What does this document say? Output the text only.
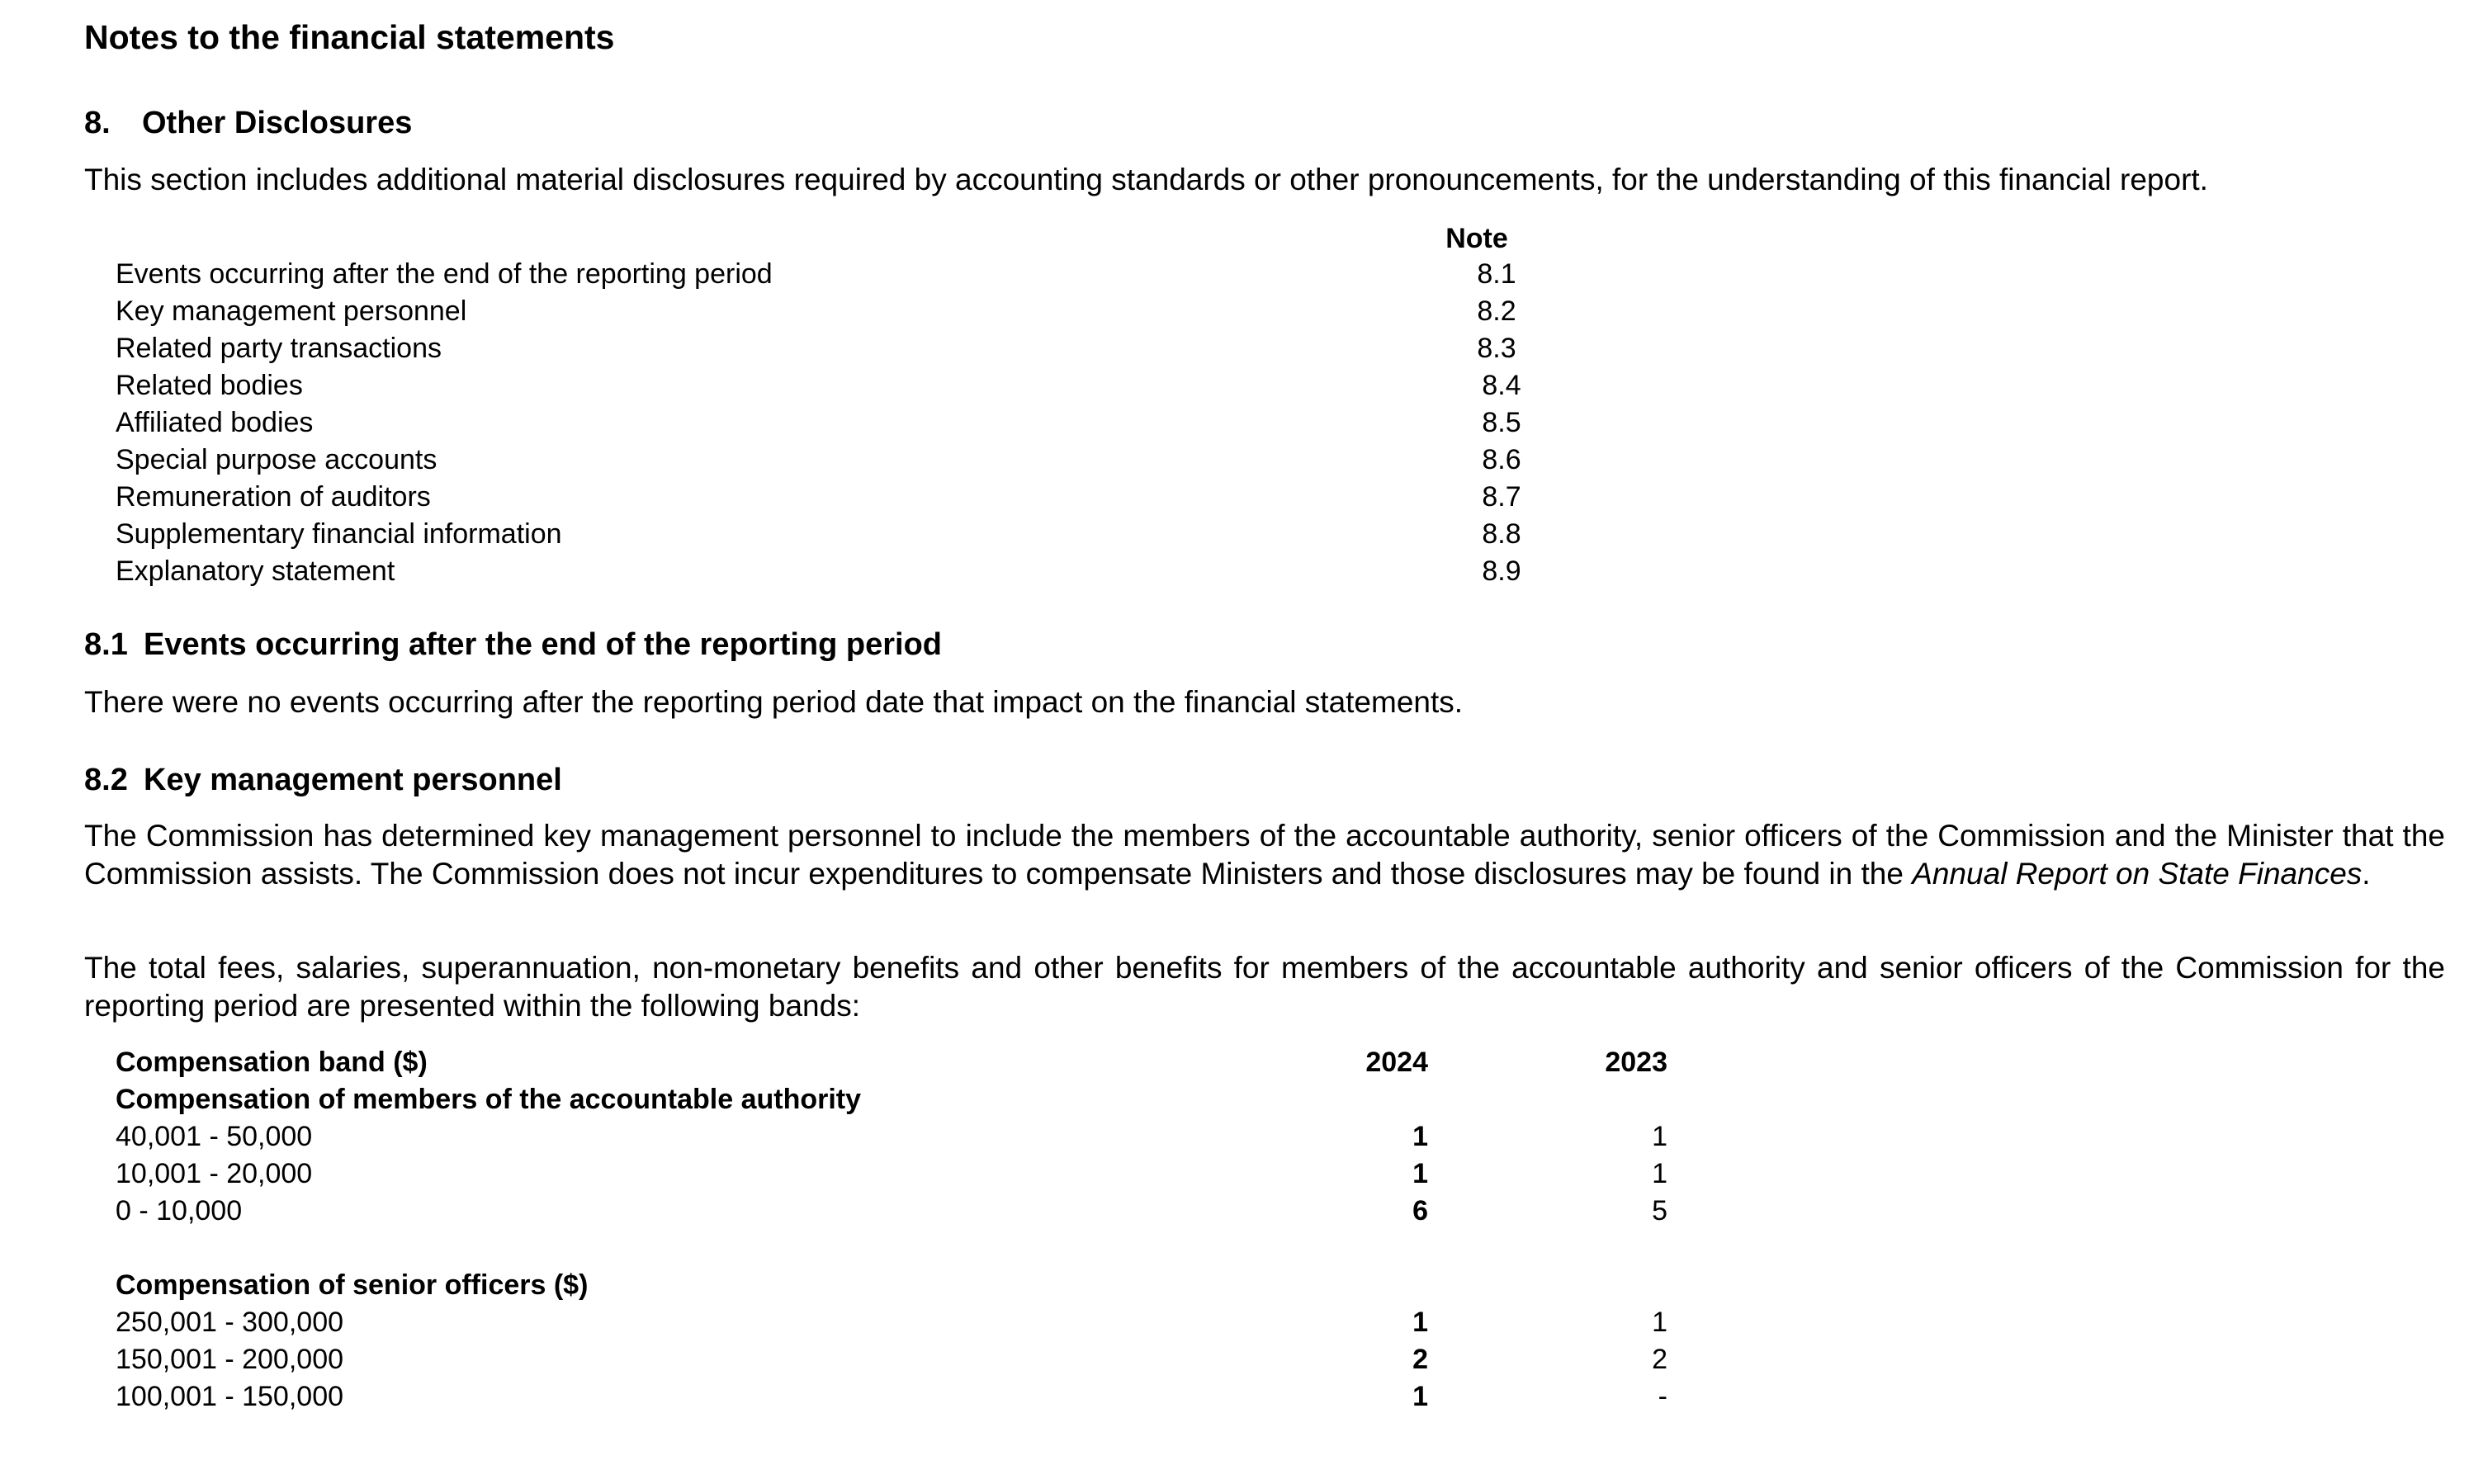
Notes to the financial statements
8. Other Disclosures
This section includes additional material disclosures required by accounting standards or other pronouncements, for the understanding of this financial report.
Note
Events occurring after the end of the reporting period	8.1
Key management personnel	8.2
Related party transactions	8.3
Related bodies	8.4
Affiliated bodies	8.5
Special purpose accounts	8.6
Remuneration of auditors	8.7
Supplementary financial information	8.8
Explanatory statement	8.9
8.1 Events occurring after the end of the reporting period
There were no events occurring after the reporting period date that impact on the financial statements.
8.2 Key management personnel
The Commission has determined key management personnel to include the members of the accountable authority, senior officers of the Commission and the Minister that the Commission assists. The Commission does not incur expenditures to compensate Ministers and those disclosures may be found in the Annual Report on State Finances.
The total fees, salaries, superannuation, non-monetary benefits and other benefits for members of the accountable authority and senior officers of the Commission for the reporting period are presented within the following bands:
Compensation band ($)	2024	2023
Compensation of members of the accountable authority
40,001 - 50,000	1	1
10,001 - 20,000	1	1
0 - 10,000	6	5
Compensation of senior officers ($)
250,001 - 300,000	1	1
150,001 - 200,000	2	2
100,001 - 150,000	1	-
